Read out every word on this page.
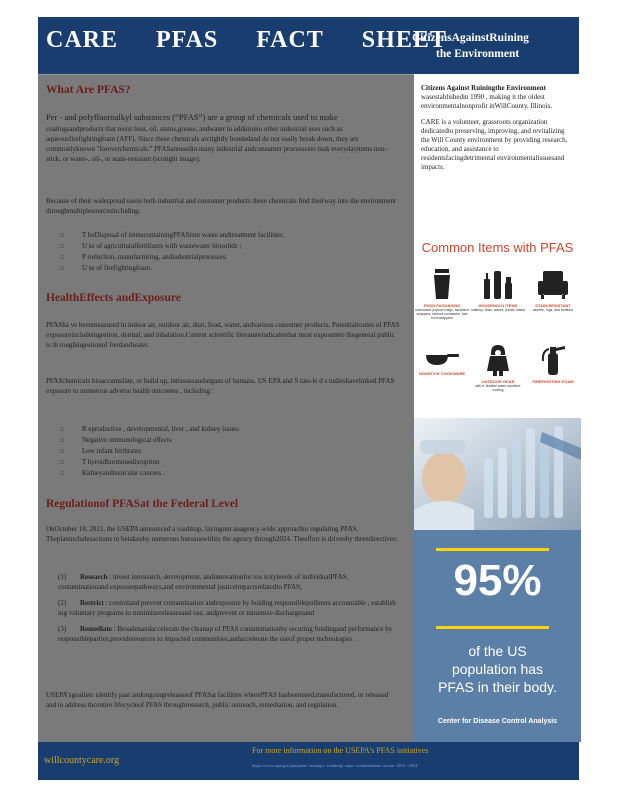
CARE PFAS FACT SHEET
CitizensAgainstRuining
the Environment
What Are PFAS?
Per - and polyfluoroalkyl substances (“PFAS”) are a group of chemicals used to make
coatingsandproducts that resist heat, oil, stains,grease, andwater in additionto other industrial uses such as aqueousfirefightingfoam (AFF). Since these chemicals arctightly bondedand do not easily break down, they are commonlyknown "foreverchemicals." PFASareusedin many industrial andconsumer processesto mak everydayitems non-stick, or water-, oil-, or stain-resistant (scotight image).
Because of their widespread usein both industrial and consumer products these chemicals find theirway into the environment throughmultiplesourcesincluding:
□ T heDisposal of itemscontainingPFASinto waste andtreatment facilities;
□ U se of agriculturalfertilizers with wastewater biosolids ;
□ P roduction, manufacturing, andindustrialprocesses;
□ U se of firefightingfoam.
HealthEffects andExposure
PFASha ve beenmeasured in indoor air, outdoor air, dust, food, water, andvarious consumer products. Potentialroutes of PFAS exposureincludeingestion, dermal, and inhalation.Current scientific literatureindicatesthat most exposureto thegeneral public is th roughingestionof foodandwater.
PFASchemicals bioaccumulate, or build up, intissuesandorgans of humans. US EPA and S tate-le d s tudieshavelinked PFAS exposure to numerous adverse health outcomes , including :
□ R eproductive , developmental, liver , and kidney issues
□ Negative immunological effects
□ Low infant birthrates
□ T hyroidhormonedisruption
□ Kidneyandtesticular cancers .
Regulationof PFASat the Federal Level
OnOctober 18, 2021, the USEPA announced a roadmap, layingout anagency-wide approachto regulating PFAS. Theplanincludesactions to betakenby numerous bureauswithin the agency through2024. Theeffort is drivenby threedirectives:
(1) Research : invest inresearch, development, andinnovationfor tox icitylevels of individualPFAS, contaminationand exposurepathways,and environmental justiceimpactsrelatedto PFAS;
(2) Restrict : controland prevent contamination andexposure by holding responsiblepolluters accountable , establish ing voluntary programs to minimizereleasesand use, andprevent or minimize dischargesand
(3) Remediate : Broadenandaccelerate the cleanup of PFAS contaminationby securing fundingand performance by responsibleparties,providereources to impacted communities,andaccelerate the useof proper technologies .
USEPA'sgoalisto identify past andongoingreleasesof PFASat facilities wherePFAS hasbeenused,manufactured, or released and to address thcentire lifecycleof PFAS throughresearch, public outreach, remediation, and regulation.

Citizens Against Ruiningthe Environment wasestablishedin 1990 , making it the oldest environmentalnonprofit inWillCounty, Illinois.

CARE is a volunteer, grassroots organization dedicatedto preserving, improving, and revitalizing the Will County environment by providing research, education, and assistance to residentsfacingdetrimental environmentalissuesand impacts.

Common Items with PFAS
FOOD PACKAGING
microwave popcorn bags, sandwich wrappers, takeout containers, fast food wrappers
HOUSEHOLD ITEMS
makeup, floss, waxes, paints, stains
STAIN-RESISTANT
carpets, rugs, and furniture
NONSTICK COOKWARE
OUTDOOR GEAR
with a 'durable water repellent' coating
FIREFIGHTING FOAM
95%
of the US
population has
PFAS in their body.
Center for Disease Control Analysis
willcountycare.org
For more information on the USEPA's PFAS initiatives
https://www.epa.gov/pfas/pfas -strategic -roadmap -epas -commitments -action -2021 -2024
